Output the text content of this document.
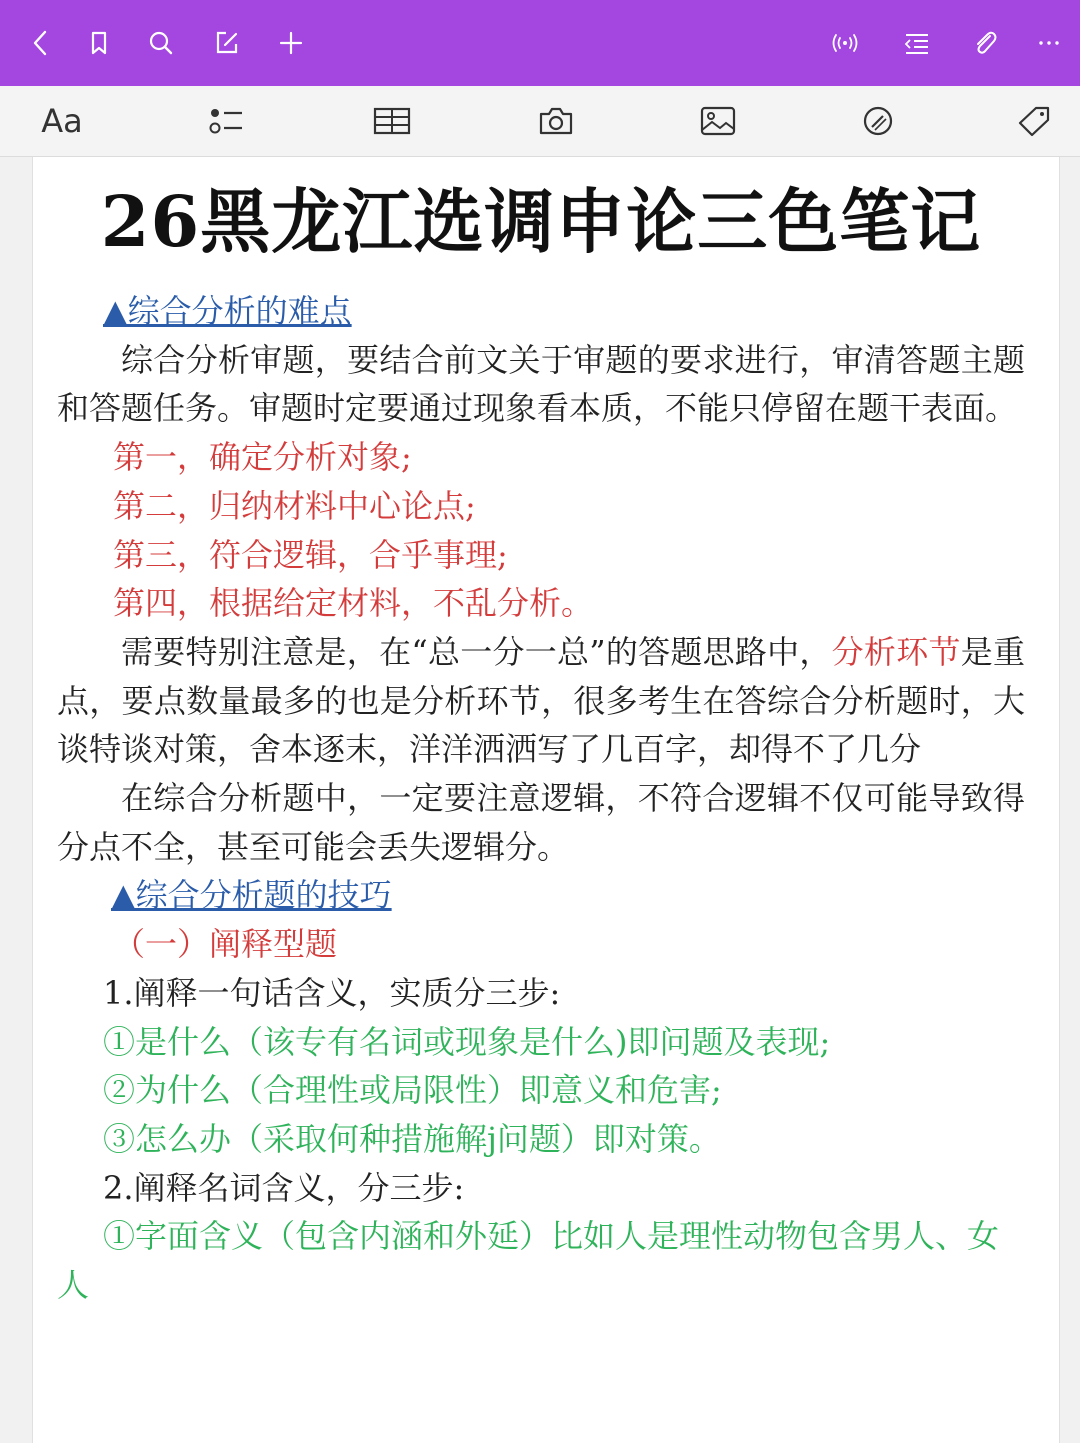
Aa
26黑龙江选调申论三色笔记
▲综合分析的难点

综合分析审题，要结合前文关于审题的要求进行，审清答题主题和答题任务。审题时定要通过现象看本质，不能只停留在题干表面。

第一，确定分析对象;
第二，归纳材料中心论点;
第三，符合逻辑，合乎事理;
第四，根据给定材料，不乱分析。

需要特别注意是，在“总一分一总”的答题思路中，分析环节是重点，要点数量最多的也是分析环节，很多考生在答综合分析题时，大谈特谈对策，舍本逐末，洋洋洒洒写了几百字，却得不了几分

在综合分析题中，一定要注意逻辑，不符合逻辑不仅可能导致得分点不全，甚至可能会丢失逻辑分。

▲综合分析题的技巧
（一）阐释型题
1.阐释一句话含义，实质分三步:
①是什么（该专有名词或现象是什么)即问题及表现;
②为什么（合理性或局限性）即意义和危害;
③怎么办（采取何种措施解j问题）即对策。
2.阐释名词含义，分三步:

①字面含义（包含内涵和外延）比如人是理性动物包含男人、女人
